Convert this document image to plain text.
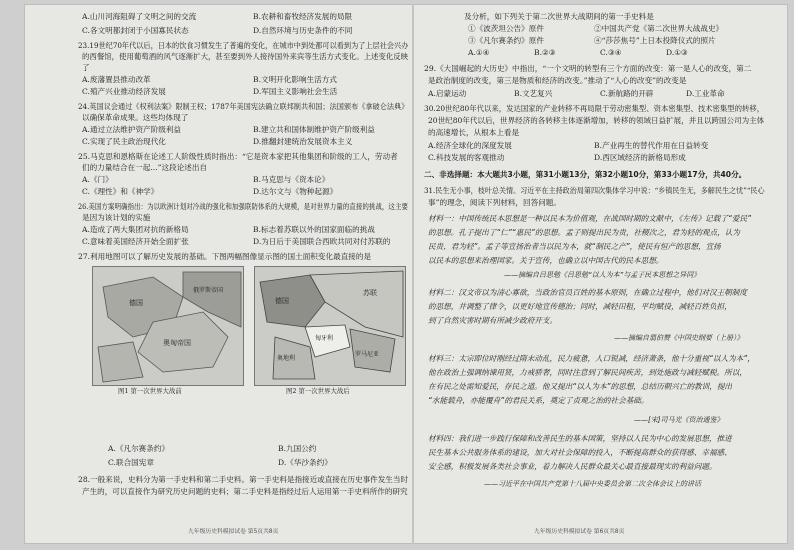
A.山川河海阻碍了文明之间的交流	B.农耕和畜牧经济发展的局限
C.各文明都封闭于小国寡民状态	D.自然环境与历史条件的不同
23.19世纪70年代以后，日本的饮食习惯发生了普遍的变化，在城市中到处都可以看到为了上层社会兴办
的西餐馆，使用葡萄酒的风气逐渐扩大，甚至要到外人接待国外来宾等生活方式变化。上述变化反映
了
A.废藩置县推动改革	B.文明开化影响生活方式
C.殖产兴业推动经济发展	D.军国主义影响社会生活
24.英国议会通过《权利法案》限制王权；1787年美国宪法确立联邦制共和国；法国颁布《拿破仑法典》
以确保革命成果。这些均体现了
A.通过立法维护资产阶级利益	B.建立共和国体制维护资产阶级利益
C.实现了民主政治现代化	D.推翻封建统治发展资本主义
25.马克思和恩格斯在论述工人阶级性质时指出：“它是资本家把其他集团和阶级的工人，劳动者
们的力量结合在一起...”这段论述出自
A.《门》	B.马克思与《资本论》
C.《理性》和《神学》	D.达尔文与《物种起源》
26.美国方案明确指出：为以欧洲计划对冷战的强化和加强联防体系的大规模，是对世界力量的直接的挑战，这主要
是因为该计划的实施
A.造成了两大集团对抗的新格局	B.标志着苏联以外的国家面临的挑战
C.意味着美国经济开始全面扩张	D.为日后于美国联合西欧共同对付苏联的
27.利用地图可以了解历史发展的基础。下图两幅图像显示图的国土面积变化最直接的是
德国
奥匈帝国
俄罗斯帝国
图1 第一次世界大战前
德国
苏联
奥地利
罗马尼亚
匈牙利
图2 第一次世界大战后
A.《凡尔赛条约》	B.九国公约
C.联合国宪章	D.《华沙条约》
28.一般来说，史料分为第一手史料和第二手史料。第一手史料是指接近或直接在历史事件发生当时
产生的，可以直接作为研究历史问题的史料；第二手史料是指经过后人运用第一手史料所作的研究
九年级历史科模拟试卷 第5页共8页
及分析，如下列关于第二次世界大战期间的第一手史料是
①《波茨坦公告》原件	②中国共产党《第二次世界大战战史》
③《凡尔赛条约》原件	④“莎莎焦号”上日本投降仪式的照片
A.①④	B.②③	C.③④	D.①③
29.《大国崛起的大历史》中指出，“一个文明的转型有三个方面的改变：第一是人心的改变，第二
是政治制度的改变，第三是物质和经济的改变。”推动了“人心的改变”的改变是
A.启蒙运动	B.文艺复兴	C.新航路的开辟	D.工业革命
30.20世纪80年代以来，发达国家的产业转移不再局限于劳动密集型、资本密集型、技术密集型的转移，
20世纪80年代以后，世界经济的各转移主体逐渐增加，转移的领域日益扩展，并且以跨国公司为主体
的高速增长，从根本上看是
A.经济全球化的深度发展	B.产业再生的替代作用在日益转变
C.科技发展的客观推动	D.西区域经济的新格局形成
二、非选择题：本大题共3小题，第31小题13分，第32小题10分，第33小题17分，共40分。
31.民生无小事，枝叶总关情。习近平在主持政治局第四次集体学习中说：“乡镇民生无，多解民生之忧”“民心
事”的理念，阅读下列材料，回答问题。
材料一：中国传统民本思想是一种以民本为价值观，在战国时期的文献中，《左传》记载了“爱民”
的思想。孔子提出了“仁”“惠民”的思想。孟子则提出民为贵，社稷次之，君为轻的观点，认为
民贵、君为轻”。孟子等宣扬治者当以民为本，就“制民之产”，使民有恒产的思想，宣扬
以民本的思想来治理国家。关于宣传，也确立以中国古代的民本思想。
——摘编自吕思勉《吕思勉“以人为本”与孟子民本思想之异同》
材料二：汉文帝以为清心寡欲，当政治官员百姓的基本原则，在确立过程中，他们对汉王朝制度
的思想，并调整了律令，以更好地宣传德治；同时，减轻田租，平均赋役，减轻百姓负担，
到了自然灾害时期有所减少政府开支。
——摘编自翦伯赞《中国史纲要（上册）》
材料三：太宗即位时刚经过隋末动乱，民力疲惫，人口锐减，经济萧条，他十分重视“以人为本”，
他在政治上强调纳谏用贤，力戒骄奢，同时注意到了解民间疾苦，到处施政与减轻赋税。所以，
在有民之处需知爱民，存民之道。他又提出“以人为本”的思想，总结历朝兴亡的教训，提出
“水能载舟，亦能覆舟”的君民关系，奠定了贞观之治的社会基础。
——[宋]司马光《资治通鉴》
材料四：我们进一步践行保障和改善民生的基本国策，坚持以人民为中心的发展思想，推进
民生基本公共服务体系的建设，加大对社会保障的投入，不断提高群众的获得感、幸福感、
安全感，积极发展各类社会事业，着力解决人民群众最关心最直接最现实的利益问题。
——习近平在中国共产党第十八届中央委员会第二次全体会议上的讲话
九年级历史科模拟试卷 第6页共8页
